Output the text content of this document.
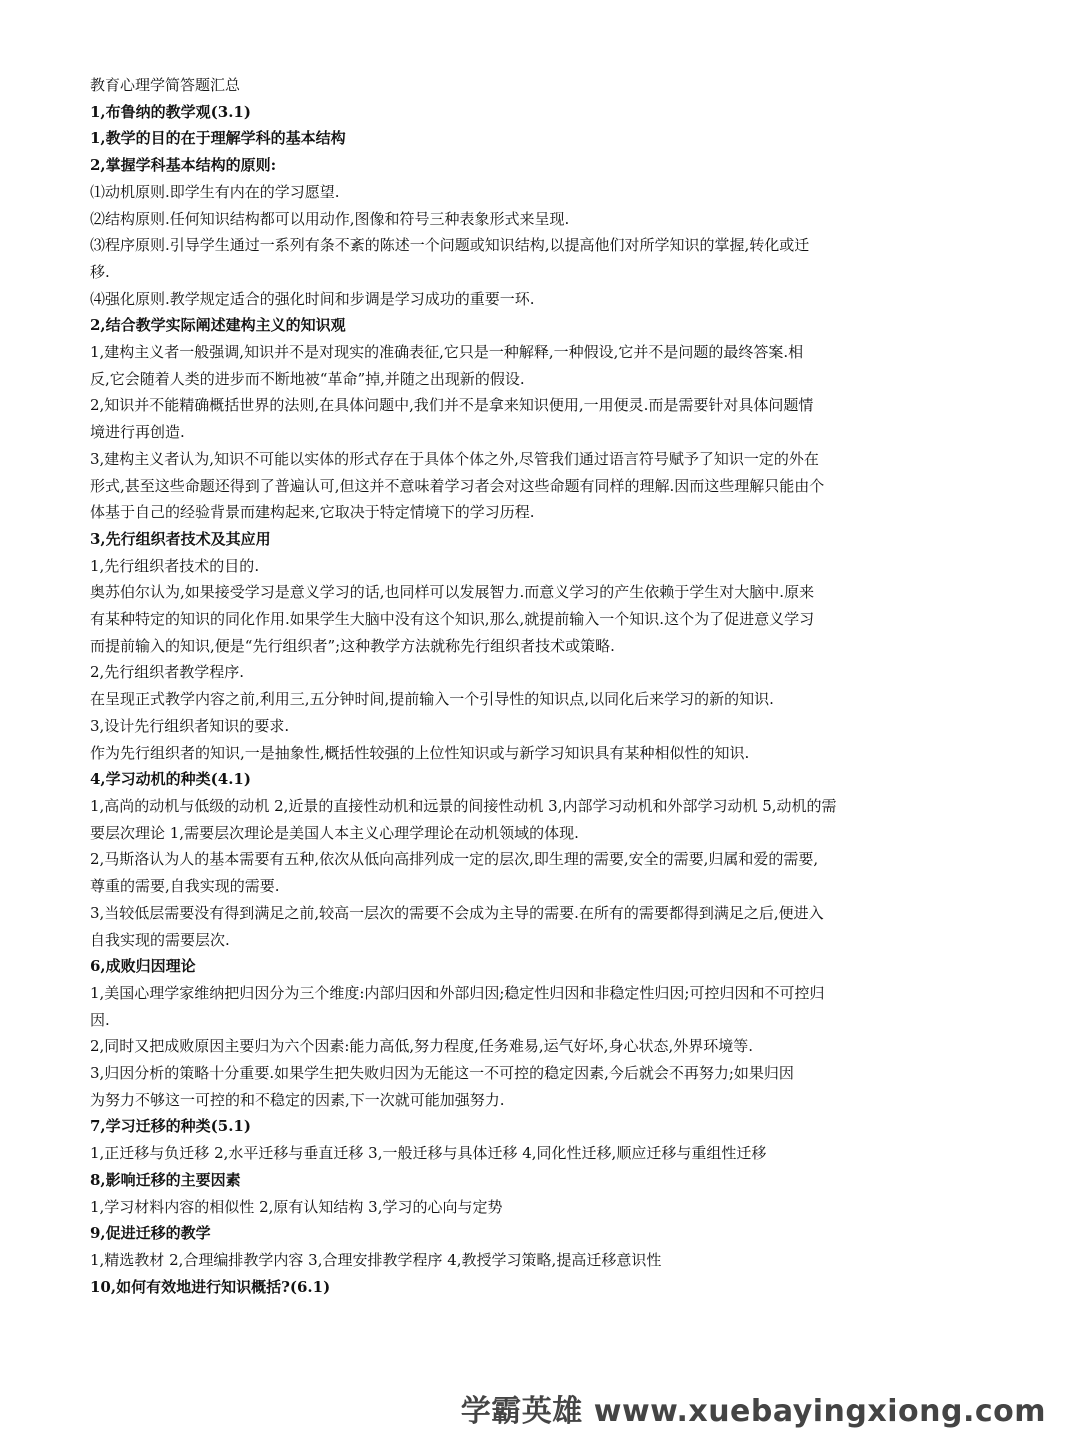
教育心理学简答题汇总
1,布鲁纳的教学观(3.1)
1,教学的目的在于理解学科的基本结构
2,掌握学科基本结构的原则:
⑴动机原则.即学生有内在的学习愿望.
⑵结构原则.任何知识结构都可以用动作,图像和符号三种表象形式来呈现.
⑶程序原则.引导学生通过一系列有条不紊的陈述一个问题或知识结构,以提高他们对所学知识的掌握,转化或迁
移.
⑷强化原则.教学规定适合的强化时间和步调是学习成功的重要一环.
2,结合教学实际阐述建构主义的知识观
1,建构主义者一般强调,知识并不是对现实的准确表征,它只是一种解释,一种假设,它并不是问题的最终答案.相
反,它会随着人类的进步而不断地被“革命”掉,并随之出现新的假设.
2,知识并不能精确概括世界的法则,在具体问题中,我们并不是拿来知识便用,一用便灵.而是需要针对具体问题情
境进行再创造.
3,建构主义者认为,知识不可能以实体的形式存在于具体个体之外,尽管我们通过语言符号赋予了知识一定的外在
形式,甚至这些命题还得到了普遍认可,但这并不意味着学习者会对这些命题有同样的理解.因而这些理解只能由个
体基于自己的经验背景而建构起来,它取决于特定情境下的学习历程.
3,先行组织者技术及其应用
1,先行组织者技术的目的.
奥苏伯尔认为,如果接受学习是意义学习的话,也同样可以发展智力.而意义学习的产生依赖于学生对大脑中.原来
有某种特定的知识的同化作用.如果学生大脑中没有这个知识,那么,就提前输入一个知识.这个为了促进意义学习
而提前输入的知识,便是“先行组织者”;这种教学方法就称先行组织者技术或策略.
2,先行组织者教学程序.
在呈现正式教学内容之前,利用三,五分钟时间,提前输入一个引导性的知识点,以同化后来学习的新的知识.
3,设计先行组织者知识的要求.
作为先行组织者的知识,一是抽象性,概括性较强的上位性知识或与新学习知识具有某种相似性的知识.
4,学习动机的种类(4.1)
1,高尚的动机与低级的动机 2,近景的直接性动机和远景的间接性动机 3,内部学习动机和外部学习动机 5,动机的需
要层次理论 1,需要层次理论是美国人本主义心理学理论在动机领域的体现.
2,马斯洛认为人的基本需要有五种,依次从低向高排列成一定的层次,即生理的需要,安全的需要,归属和爱的需要,
尊重的需要,自我实现的需要.
3,当较低层需要没有得到满足之前,较高一层次的需要不会成为主导的需要.在所有的需要都得到满足之后,便进入
自我实现的需要层次.
6,成败归因理论
1,美国心理学家维纳把归因分为三个维度:内部归因和外部归因;稳定性归因和非稳定性归因;可控归因和不可控归
因.
2,同时又把成败原因主要归为六个因素:能力高低,努力程度,任务难易,运气好坏,身心状态,外界环境等.
3,归因分析的策略十分重要.如果学生把失败归因为无能这一不可控的稳定因素,今后就会不再努力;如果归因
为努力不够这一可控的和不稳定的因素,下一次就可能加强努力.
7,学习迁移的种类(5.1)
1,正迁移与负迁移 2,水平迁移与垂直迁移 3,一般迁移与具体迁移 4,同化性迁移,顺应迁移与重组性迁移
8,影响迁移的主要因素
1,学习材料内容的相似性 2,原有认知结构 3,学习的心向与定势
9,促进迁移的教学
1,精选教材 2,合理编排教学内容 3,合理安排教学程序 4,教授学习策略,提高迁移意识性
10,如何有效地进行知识概括?(6.1)
学霸英雄 www.xuebayingxiong.com
